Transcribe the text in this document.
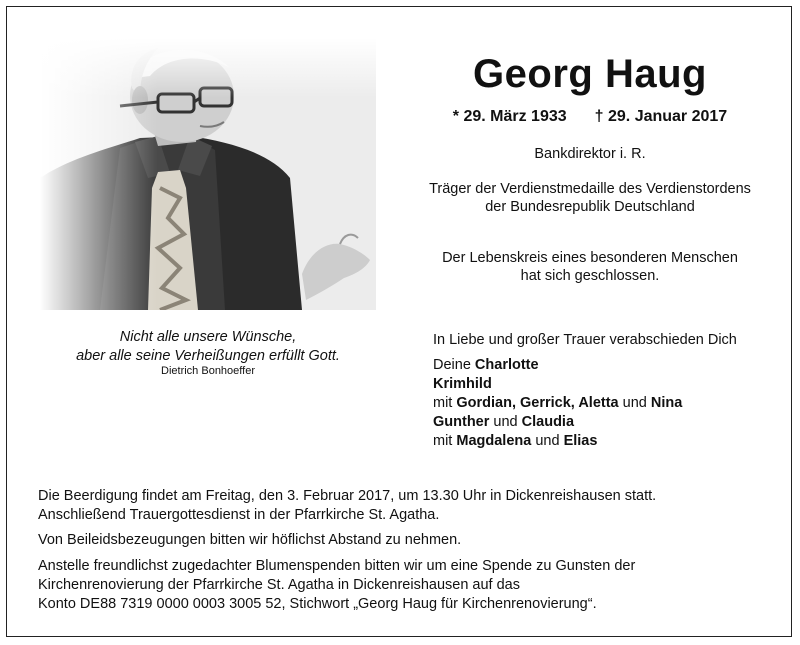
Georg Haug
* 29. März 1933 † 29. Januar 2017
Bankdirektor i. R.
Träger der Verdienstmedaille des Verdienstordens
der Bundesrepublik Deutschland
Der Lebenskreis eines besonderen Menschen
hat sich geschlossen.
Nicht alle unsere Wünsche,
aber alle seine Verheißungen erfüllt Gott.
Dietrich Bonhoeffer
In Liebe und großer Trauer verabschieden Dich
Deine Charlotte
Krimhild
mit Gordian, Gerrick, Aletta und Nina
Gunther und Claudia
mit Magdalena und Elias
Die Beerdigung findet am Freitag, den 3. Februar 2017, um 13.30 Uhr in Dickenreishausen statt.
Anschließend Trauergottesdienst in der Pfarrkirche St. Agatha.
Von Beileidsbezeugungen bitten wir höflichst Abstand zu nehmen.
Anstelle freundlichst zugedachter Blumenspenden bitten wir um eine Spende zu Gunsten der
Kirchenrenovierung der Pfarrkirche St. Agatha in Dickenreishausen auf das
Konto DE88 7319 0000 0003 3005 52, Stichwort „Georg Haug für Kirchenrenovierung“.
